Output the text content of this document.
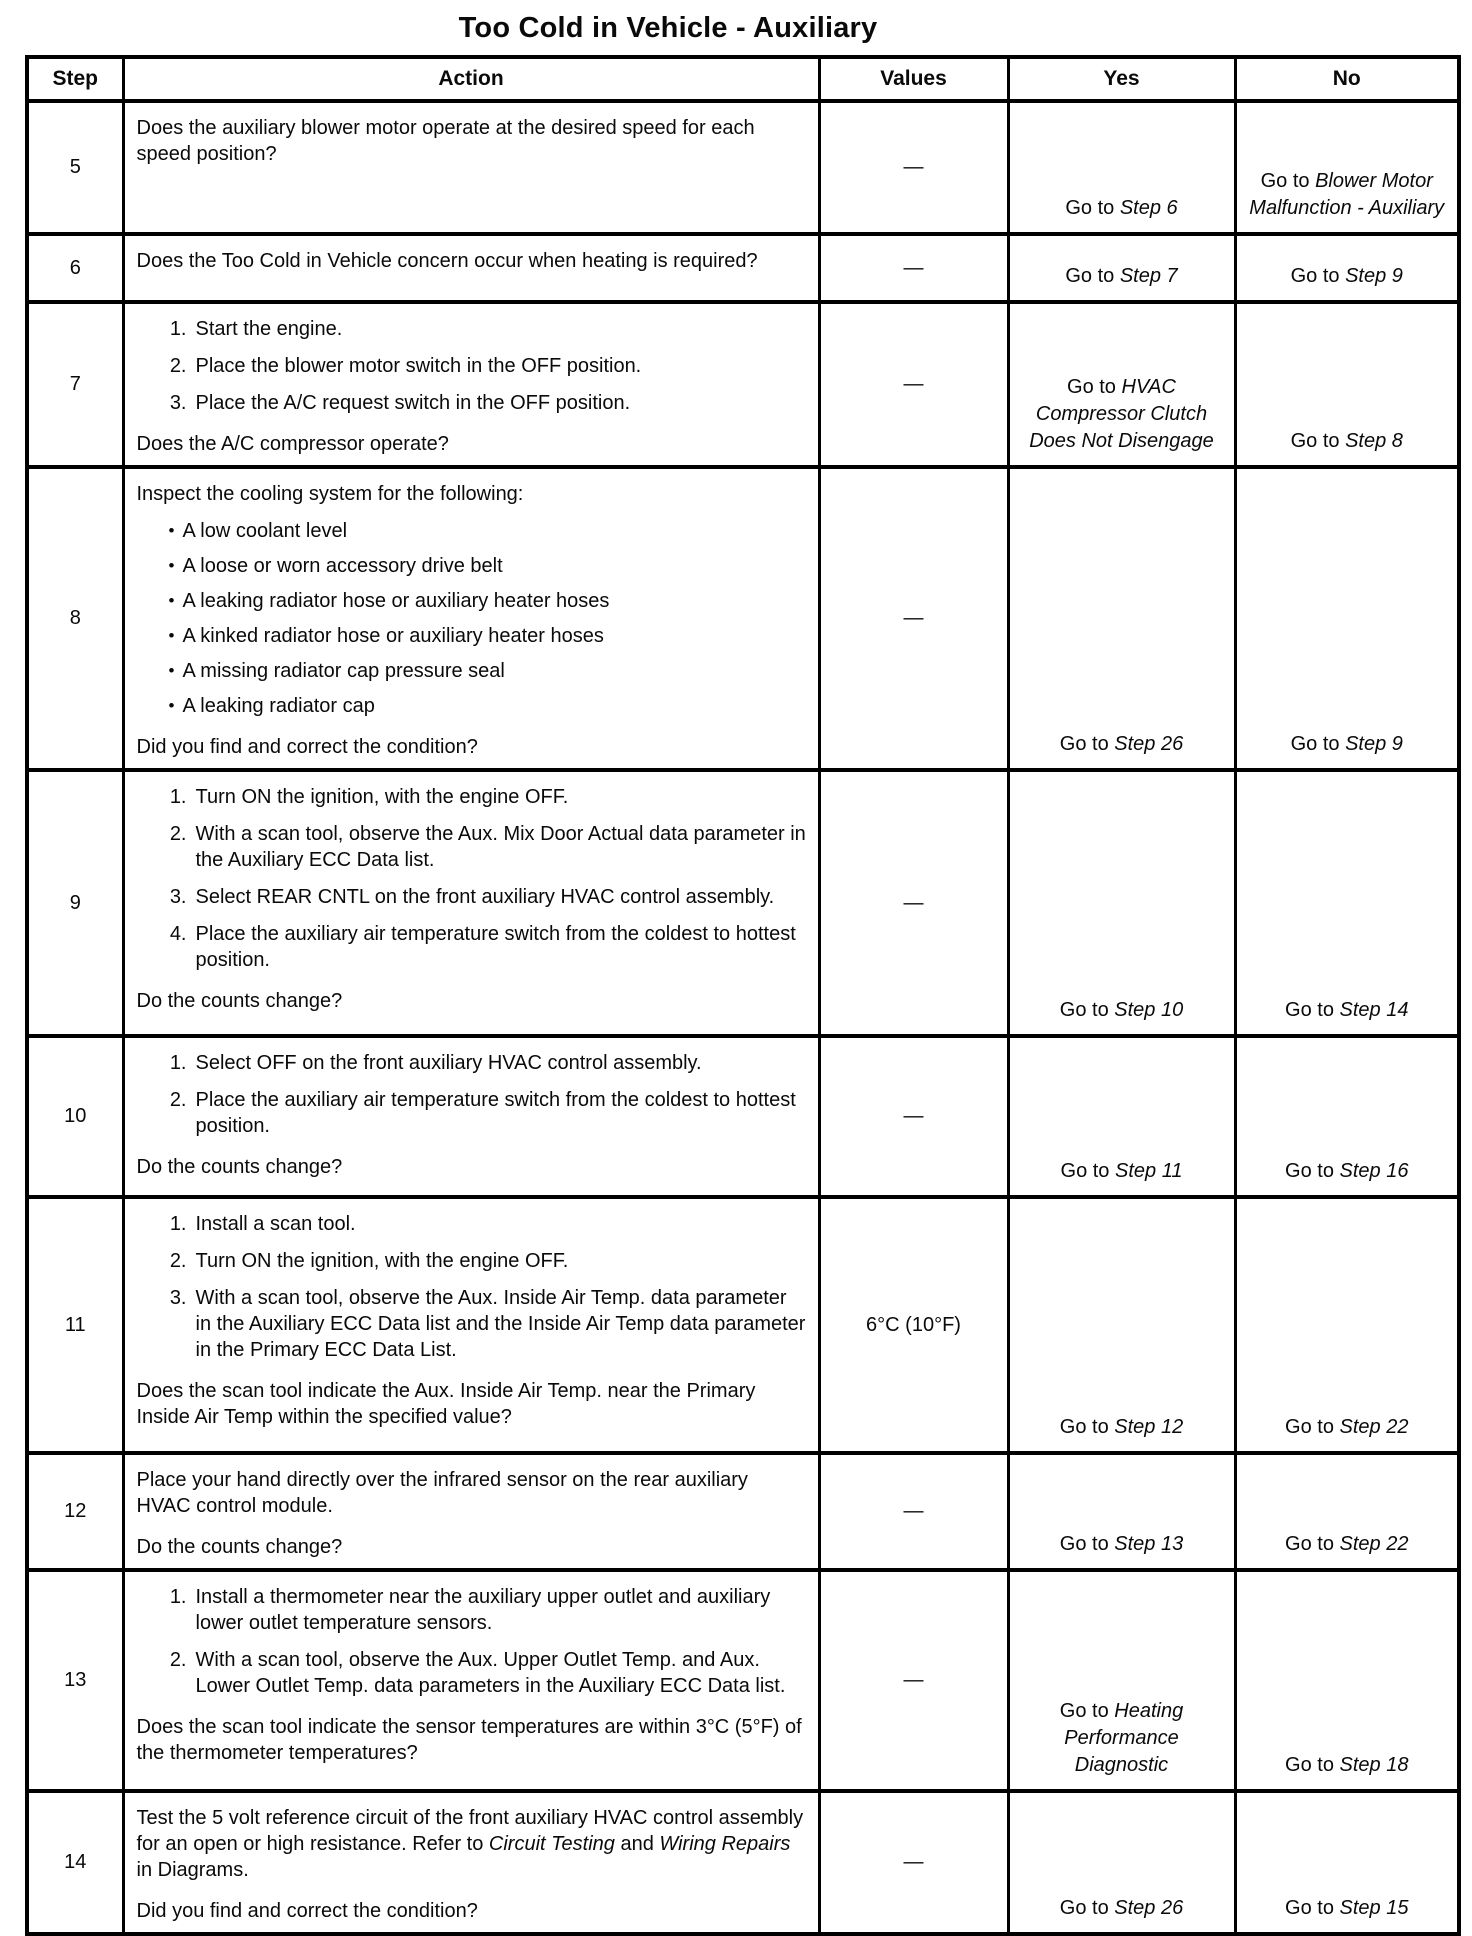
Too Cold in Vehicle - Auxiliary
Step	Action	Values	Yes	No
5	Does the auxiliary blower motor operate at the desired speed for each speed position?	—	Go to Step 6	Go to Blower Motor Malfunction - Auxiliary
6	Does the Too Cold in Vehicle concern occur when heating is required?	—	Go to Step 7	Go to Step 9
7	
1. Start the engine.
2. Place the blower motor switch in the OFF position.
3. Place the A/C request switch in the OFF position.
Does the A/C compressor operate?
	—	Go to HVAC Compressor Clutch Does Not Disengage	Go to Step 8
8	
Inspect the cooling system for the following:
• A low coolant level
• A loose or worn accessory drive belt
• A leaking radiator hose or auxiliary heater hoses
• A kinked radiator hose or auxiliary heater hoses
• A missing radiator cap pressure seal
• A leaking radiator cap
Did you find and correct the condition?
	—	Go to Step 26	Go to Step 9
9	
1. Turn ON the ignition, with the engine OFF.
2. With a scan tool, observe the Aux. Mix Door Actual data parameter in the Auxiliary ECC Data list.
3. Select REAR CNTL on the front auxiliary HVAC control assembly.
4. Place the auxiliary air temperature switch from the coldest to hottest position.
Do the counts change?
	—	Go to Step 10	Go to Step 14
10	1. Select OFF on the front auxiliary HVAC control assembly.
2. Place the auxiliary air temperature switch from the coldest to hottest position.
Do the counts change?	—	Go to Step 11	Go to Step 16
11	
1. Install a scan tool.
2. Turn ON the ignition, with the engine OFF.
3. With a scan tool, observe the Aux. Inside Air Temp. data parameter in the Auxiliary ECC Data list and the Inside Air Temp data parameter in the Primary ECC Data List.
Does the scan tool indicate the Aux. Inside Air Temp. near the Primary Inside Air Temp within the specified value?
	6°C (10°F)	Go to Step 12	Go to Step 22
12	Place your hand directly over the infrared sensor on the rear auxiliary HVAC control module.
Do the counts change?	—	Go to Step 13	Go to Step 22
13	1. Install a thermometer near the auxiliary upper outlet and auxiliary lower outlet temperature sensors.
2. With a scan tool, observe the Aux. Upper Outlet Temp. and Aux. Lower Outlet Temp. data parameters in the Auxiliary ECC Data list.
Does the scan tool indicate the sensor temperatures are within 3°C (5°F) of the thermometer temperatures?	—	Go to Heating Performance Diagnostic	Go to Step 18
14	Test the 5 volt reference circuit of the front auxiliary HVAC control assembly for an open or high resistance. Refer to Circuit Testing and Wiring Repairs in Diagrams.
Did you find and correct the condition?	—	Go to Step 26	Go to Step 15
